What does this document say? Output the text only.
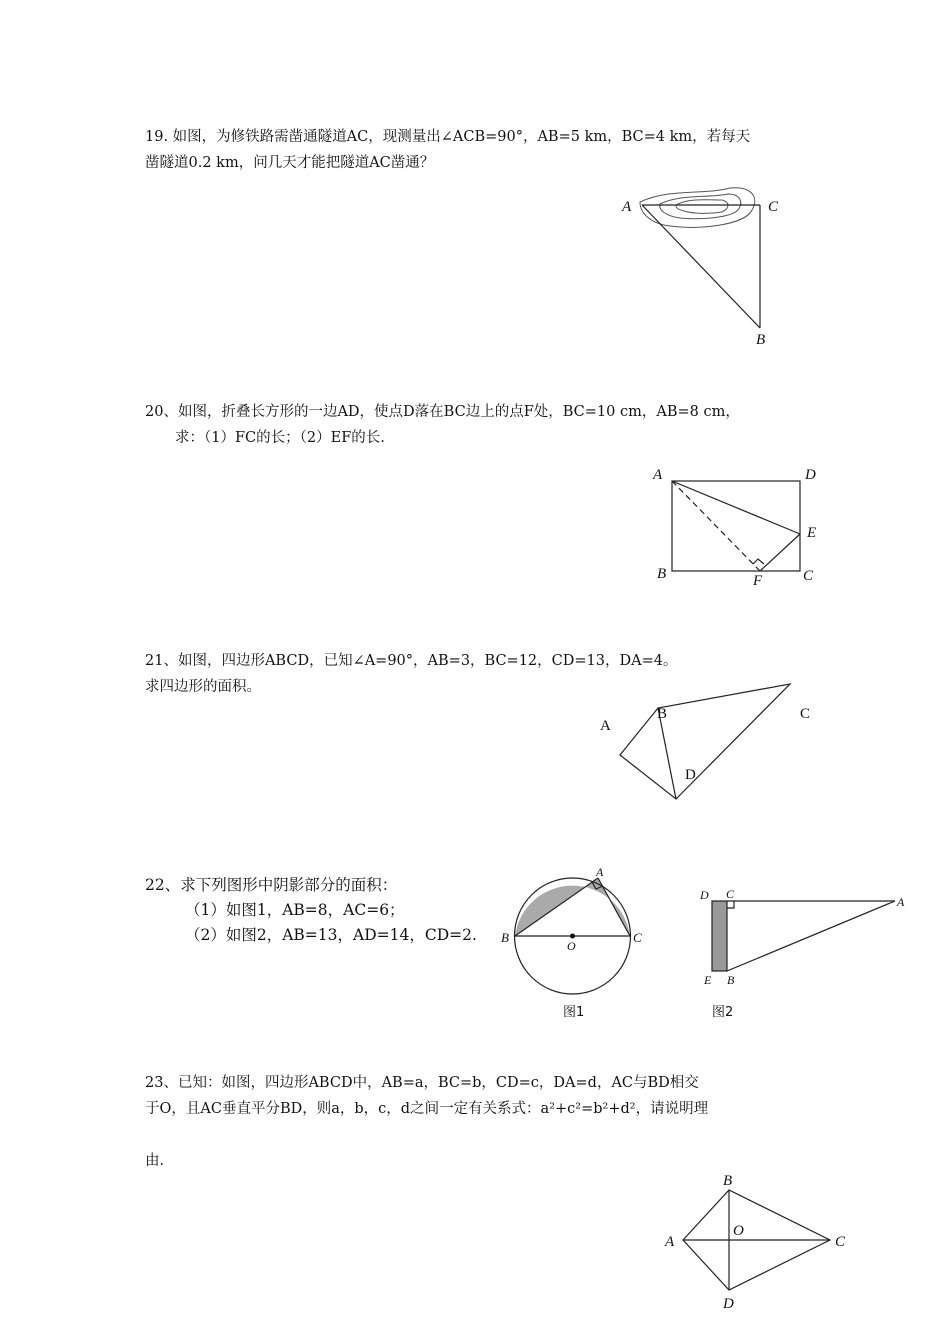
19. 如图，为修铁路需凿通隧道AC，现测量出∠ACB=90°，AB=5 km，BC=4 km，若每天
凿隧道0.2 km，问几天才能把隧道AC凿通？
A	C
B
20、如图，折叠长方形的一边AD，使点D落在BC边上的点F处，BC=10 cm，AB=8 cm，
求：（1）FC的长；（2）EF的长.
A	D
E
B	F	C
21、如图，四边形ABCD，已知∠A=90°，AB=3，BC=12，CD=13，DA=4。
求四边形的面积。
A
B	C
D
22、求下列图形中阴影部分的面积：
（1）如图1，AB=8，AC=6；
（2）如图2，AB=13，AD=14，CD=2.
A
B	C
O
图1
D C
A
E B
图2
23、已知：如图，四边形ABCD中，AB=a，BC=b，CD=c，DA=d，AC与BD相交
于O，且AC垂直平分BD，则a，b，c，d之间一定有关系式：a²+c²=b²+d²，请说明理
由.
A
B
C
D
O
